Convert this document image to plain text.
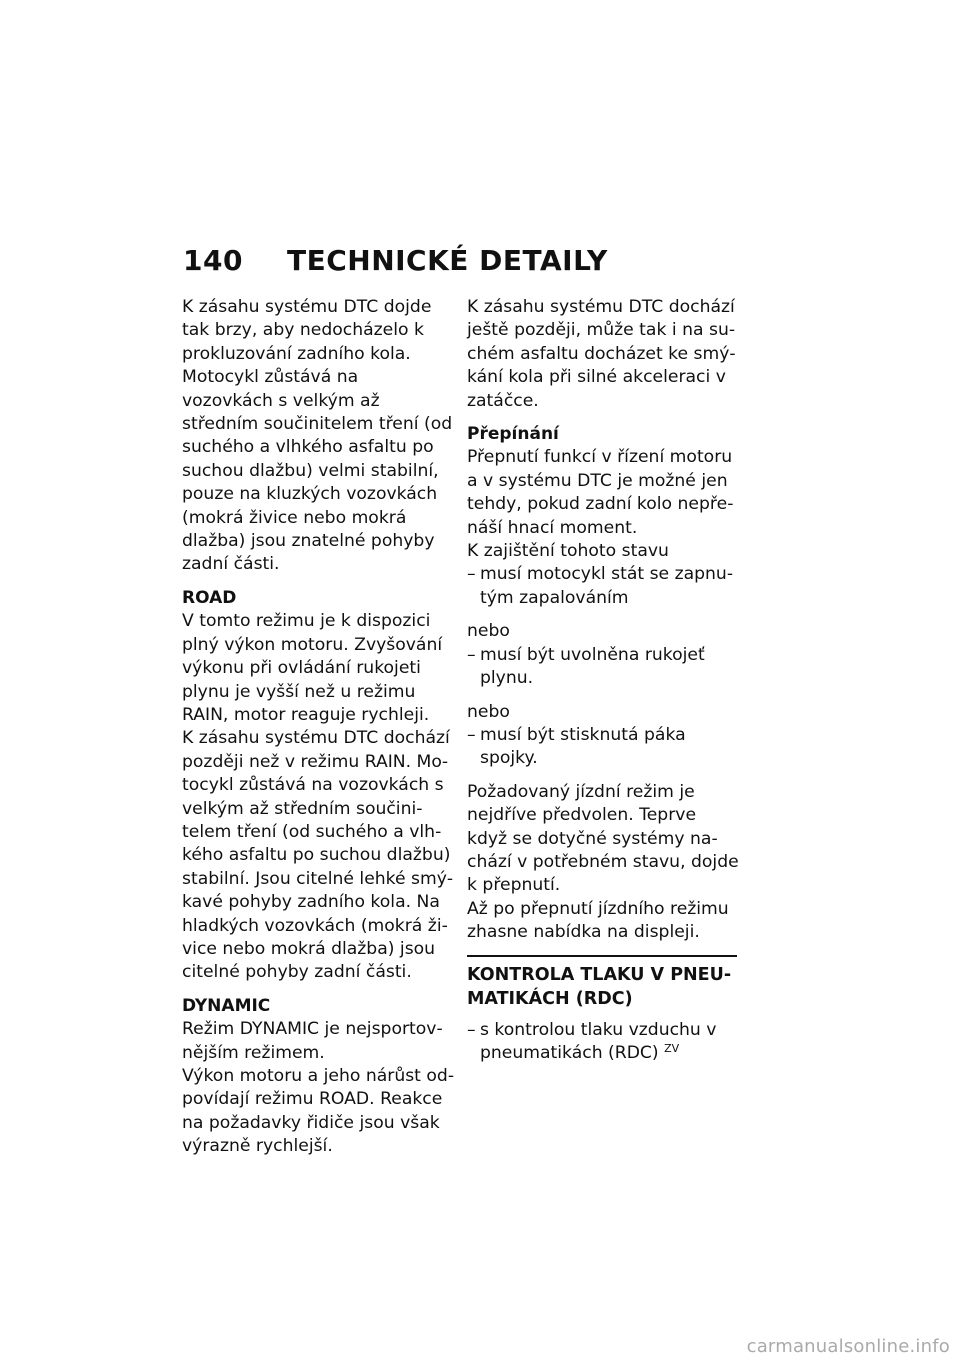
140	TECHNICKÉ DETAILY

K zásahu systému DTC dojde tak brzy, aby nedocházelo k prokluzování zadního kola. Motocykl zůstává na vozovkách s velkým až středním součinitelem tření (od suchého a vlhkého asfaltu po suchou dlažbu) velmi stabilní, pouze na kluzkých vozovkách (mokrá živice nebo mokrá dlažba) jsou znatelné pohyby zadní části.

ROAD

V tomto režimu je k dispozici plný výkon motoru. Zvyšování výkonu při ovládání rukojeti plynu je vyšší než u režimu RAIN, motor reaguje rychleji.

K zásahu systému DTC dochází později než v režimu RAIN. Motocykl zůstává na vozovkách s velkým až středním součinitelem tření (od suchého a vlhkého asfaltu po suchou dlažbu) stabilní. Jsou citelné lehké smýkavé pohyby zadního kola. Na hladkých vozovkách (mokrá živice nebo mokrá dlažba) jsou citelné pohyby zadní části.

DYNAMIC

Režim DYNAMIC je nejsportovnějším režimem.

Výkon motoru a jeho nárůst odpovídají režimu ROAD. Reakce na požadavky řidiče jsou však výrazně rychlejší.

K zásahu systému DTC dochází ještě později, může tak i na suchém asfaltu docházet ke smýkání kola při silné akceleraci v zatáčce.

Přepínání

Přepnutí funkcí v řízení motoru a v systému DTC je možné jen tehdy, pokud zadní kolo nepřenáší hnací moment.

K zajištění tohoto stavu

– musí motocykl stát se zapnutým zapalováním

nebo

– musí být uvolněna rukojeť plynu.

nebo

– musí být stisknutá páka spojky.

Požadovaný jízdní režim je nejdříve předvolen. Teprve když se dotyčné systémy nachází v potřebném stavu, dojde k přepnutí.

Až po přepnutí jízdního režimu zhasne nabídka na displeji.

KONTROLA TLAKU V PNEUMATIKÁCH (RDC)
– s kontrolou tlaku vzduchu v pneumatikách (RDC) $^{ZV}$
carmanualsonline.info
